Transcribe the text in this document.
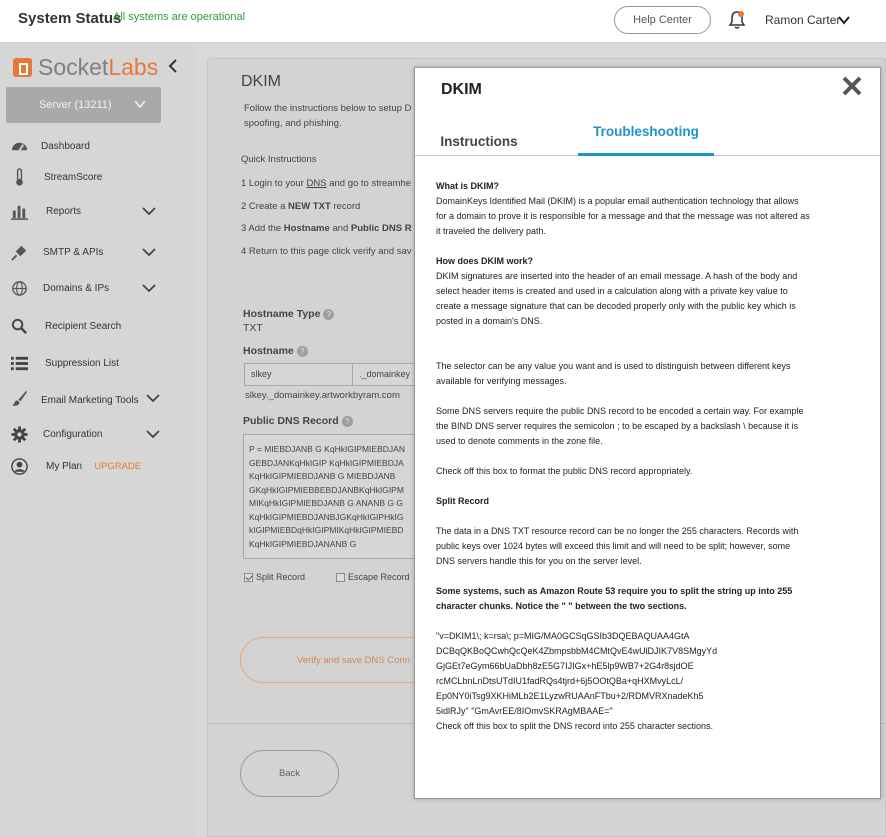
System Status
All systems are operational	Help Center	Ramon Carter
SocketLabs
Server (13211)
Dashboard
StreamScore
Reports
SMTP & APIs
Domains & IPs
Recipient Search
Suppression List
Email Marketing Tools
Configuration
My Plan UPGRADE
DKIM
Follow the instructions below to setup D
spoofing, and phishing.
Quick Instructions
1 Login to your DNS and go to streamhe
2 Create a NEW TXT record
3 Add the Hostname and Public DNS R
4 Return to this page click verify and sav
Hostname Type ?
TXT
Hostname ?
slkey	._domainkey
slkey._domainkey.artworkbyram.com
Public DNS Record ?
P = MIEBDJANB G KqHkIGIPMIEBDJAN
GEBDJANKqHkIGIP KqHkIGIPMIEBDJA
KqHkIGIPMIEBDJANB G MIEBDJANB
GKqHkIGIPMIEBBEBDJANBKqHkIGIPM
MIKqHkIGIPMIEBDJANB G ANANB G G
KqHkIGIPMIEBDJANBJGKqHkIGIPHkIG
kIGIPMIEBDqHkIGIPMIKqHkIGIPMIEBD
KqHkIGIPMIEBDJANANB G
Split Record	Escape Record
Verify and save DNS Conn
Back
DKIM
Instructions
Troubleshooting
What is DKIM?
DomainKeys Identified Mail (DKIM) is a popular email authentication technology that allows
for a domain to prove it is responsible for a message and that the message was not altered as
it traveled the delivery path.
How does DKIM work?
DKIM signatures are inserted into the header of an email message. A hash of the body and
select header items is created and used in a calculation along with a private key value to
create a message signature that can be decoded properly only with the public key which is
posted in a domain's DNS.
The selector can be any value you want and is used to distinguish between different keys
available for verifying messages.
Some DNS servers require the public DNS record to be encoded a certain way. For example
the BIND DNS server requires the semicolon ; to be escaped by a backslash \ because it is
used to denote comments in the zone file.
Check off this box to format the public DNS record appropriately.
Split Record
The data in a DNS TXT resource record can be no longer the 255 characters. Records with
public keys over 1024 bytes will exceed this limit and will need to be split; however, some
DNS servers handle this for you on the server level.
Some systems, such as Amazon Route 53 require you to split the string up into 255
character chunks. Notice the " " between the two sections.
"v=DKIM1\; k=rsa\; p=MIG/MA0GCSqGSIb3DQEBAQUAA4GtA
DCBqQKBoQCwhQcQeK4ZbmpsbbM4CMtQvE4wUlDJIK7V8SMgyYd
GjGEt7eGym66bUaDbh8zE5G7IJIGx+hE5lp9WB7+2G4r8sjdOE
rcMCLbnLnDtsUTdIU1fadRQs4tjrd+6j5OOtQBa+qHXMvyLcL/
Ep0NY0iTsg9XKHiMLb2E1LyzwRUAAnFTbu+2/RDMVRXnadeKh5
5idlRJy" "GmAvrEE/8IOmvSKRAgMBAAE="
Check off this box to split the DNS record into 255 character sections.
